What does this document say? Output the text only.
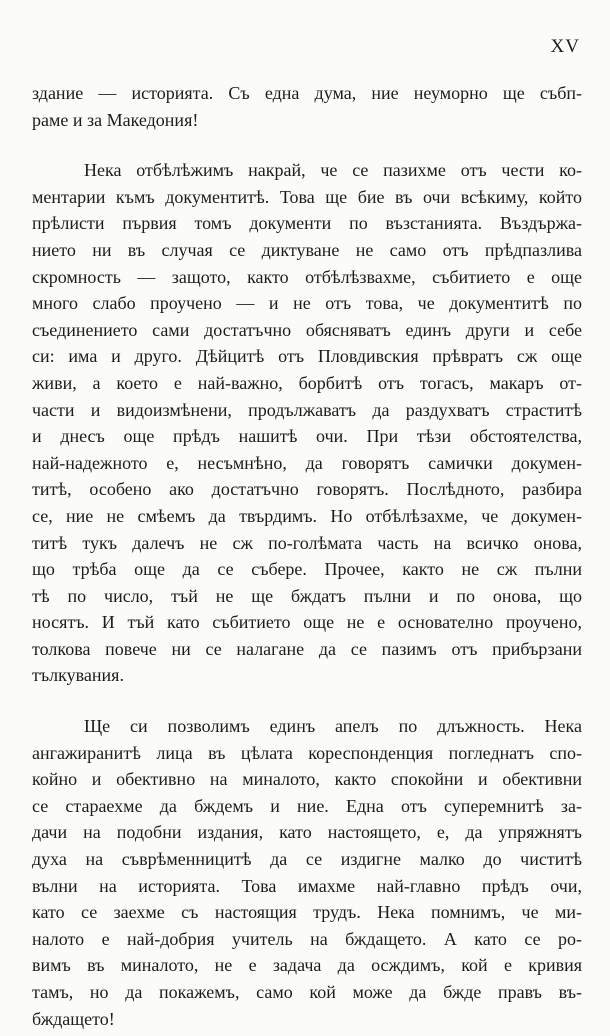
XV
здание — историята. Съ една дума, ние неуморно ще събп-
раме и за Македония!
Нека отбѣлѣжимъ накрай, че се пазихме отъ чести ко-
ментарии къмъ документитѣ. Това ще бие въ очи всѣкиму, който
прѣлисти първия томъ документи по възстанията. Въздържа-
нието ни въ случая се диктуване не само отъ прѣдпазлива
скромность — защото, както отбѣлѣзвахме, събитието е още
много слабо проучено — и не отъ това, че документитѣ по
съединението сами достатъчно обясняватъ единъ други и себе
си: има и друго. Дѣйцитѣ отъ Пловдивския прѣвратъ сж още
живи, а което е най-важно, борбитѣ отъ тогасъ, макаръ от-
части и видоизмѣнени, продължаватъ да раздухватъ страститѣ
и днесъ още прѣдъ нашитѣ очи. При тѣзи обстоятелства,
най-надежното е, несъмнѣно, да говорятъ самички докумен-
титѣ, особено ако достатъчно говорятъ. Послѣдното, разбира
се, ние не смѣемъ да твърдимъ. Но отбѣлѣзахме, че докумен-
титѣ тукъ далечъ не сж по-голѣмата часть на всичко онова,
що трѣба още да се събере. Прочее, както не сж пълни
тѣ по число, тъй не ще бждатъ пълни и по онова, що
носятъ. И тъй като събитието още не е основателно проучено,
толкова повече ни се налагане да се пазимъ отъ прибързани
тълкувания.
Ще си позволимъ единъ апелъ по длъжность. Нека
ангажиранитѣ лица въ цѣлата кореспонденция погледнатъ спо-
койно и обективно на миналото, както спокойни и обективни
се стараехме да бждемъ и ние. Една отъ суперемнитѣ за-
дачи на подобни издания, като настоящето, е, да упряжнятъ
духа на съврѣменницитѣ да се издигне малко до чиститѣ
вълни на историята. Това имахме най-главно прѣдъ очи,
като се заехме съ настоящия трудъ. Нека помнимъ, че ми-
налото е най-добрия учитель на бждащето. А като се ро-
вимъ въ миналото, не е задача да осждимъ, кой е кривия
тамъ, но да покажемъ, само кой може да бжде правъ въ-
бждащето!
